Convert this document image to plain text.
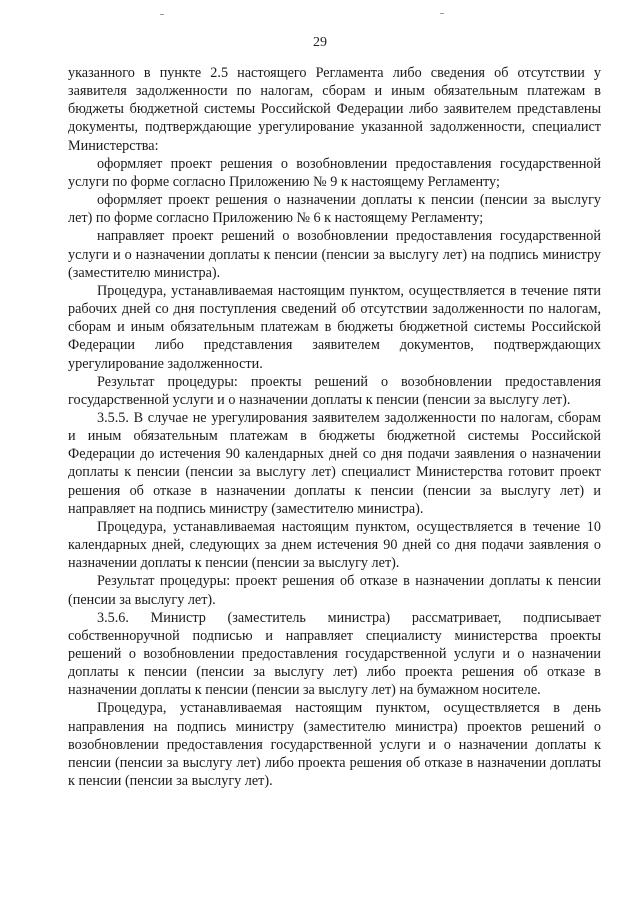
29

указанного в пункте 2.5 настоящего Регламента либо сведения об отсутствии у заявителя задолженности по налогам, сборам и иным обязательным платежам в бюджеты бюджетной системы Российской Федерации либо заявителем представлены документы, подтверждающие урегулирование указанной задолженности, специалист Министерства:

оформляет проект решения о возобновлении предоставления государственной услуги по форме согласно Приложению № 9 к настоящему Регламенту;

оформляет проект решения о назначении доплаты к пенсии (пенсии за выслугу лет) по форме согласно Приложению № 6 к настоящему Регламенту;

направляет проект решений о возобновлении предоставления государственной услуги и о назначении доплаты к пенсии (пенсии за выслугу лет) на подпись министру (заместителю министра).

Процедура, устанавливаемая настоящим пунктом, осуществляется в течение пяти рабочих дней со дня поступления сведений об отсутствии задолженности по налогам, сборам и иным обязательным платежам в бюджеты бюджетной системы Российской Федерации либо представления заявителем документов, подтверждающих урегулирование задолженности.

Результат процедуры: проекты решений о возобновлении предоставления государственной услуги и о назначении доплаты к пенсии (пенсии за выслугу лет).

3.5.5. В случае не урегулирования заявителем задолженности по налогам, сборам и иным обязательным платежам в бюджеты бюджетной системы Российской Федерации до истечения 90 календарных дней со дня подачи заявления о назначении доплаты к пенсии (пенсии за выслугу лет) специалист Министерства готовит проект решения об отказе в назначении доплаты к пенсии (пенсии за выслугу лет) и направляет на подпись министру (заместителю министра).

Процедура, устанавливаемая настоящим пунктом, осуществляется в течение 10 календарных дней, следующих за днем истечения 90 дней со дня подачи заявления о назначении доплаты к пенсии (пенсии за выслугу лет).

Результат процедуры: проект решения об отказе в назначении доплаты к пенсии (пенсии за выслугу лет).

3.5.6. Министр (заместитель министра) рассматривает, подписывает собственноручной подписью и направляет специалисту министерства проекты решений о возобновлении предоставления государственной услуги и о назначении доплаты к пенсии (пенсии за выслугу лет) либо проекта решения об отказе в назначении доплаты к пенсии (пенсии за выслугу лет) на бумажном носителе.

Процедура, устанавливаемая настоящим пунктом, осуществляется в день направления на подпись министру (заместителю министра) проектов решений о возобновлении предоставления государственной услуги и о назначении доплаты к пенсии (пенсии за выслугу лет) либо проекта решения об отказе в назначении доплаты к пенсии (пенсии за выслугу лет).
